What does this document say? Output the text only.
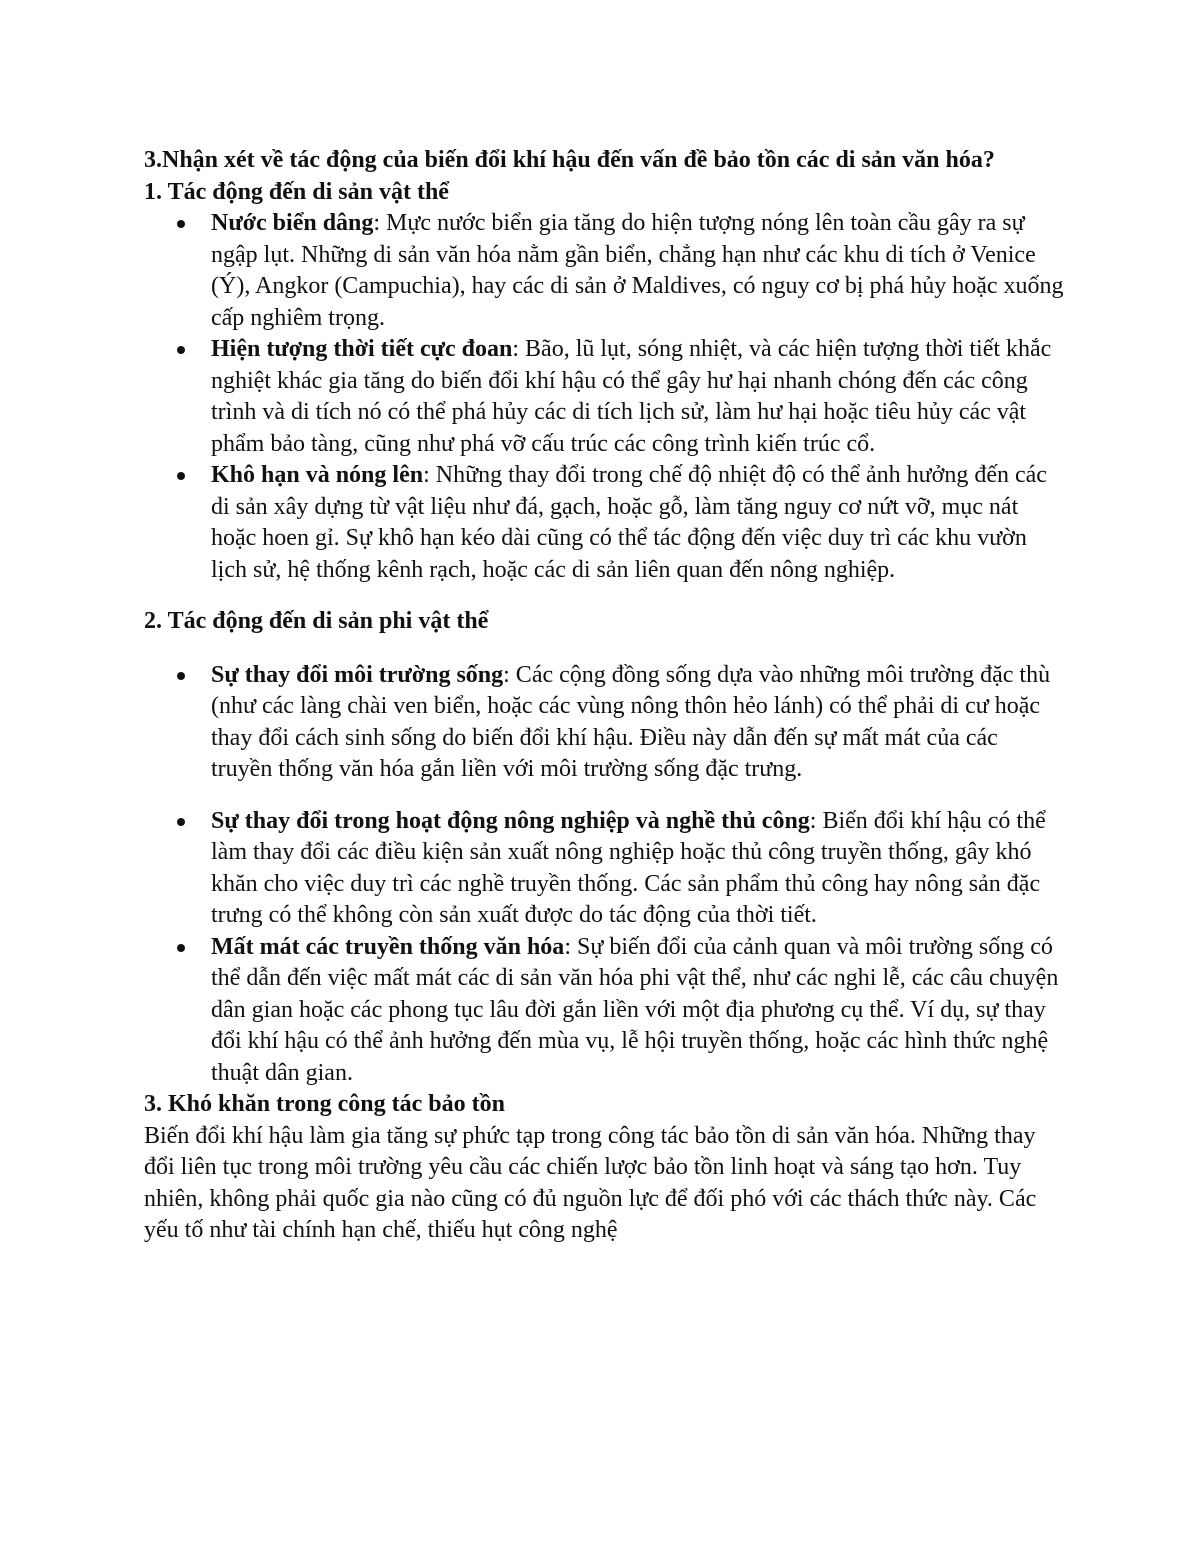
3.Nhận xét về tác động của biến đổi khí hậu đến vấn đề bảo tồn các di sản văn hóa?

1. Tác động đến di sản vật thể

Nước biển dâng: Mực nước biển gia tăng do hiện tượng nóng lên toàn cầu gây ra sự ngập lụt. Những di sản văn hóa nằm gần biển, chẳng hạn như các khu di tích ở Venice (Ý), Angkor (Campuchia), hay các di sản ở Maldives, có nguy cơ bị phá hủy hoặc xuống cấp nghiêm trọng.
Hiện tượng thời tiết cực đoan: Bão, lũ lụt, sóng nhiệt, và các hiện tượng thời tiết khắc nghiệt khác gia tăng do biến đổi khí hậu có thể gây hư hại nhanh chóng đến các công trình và di tích nó có thể phá hủy các di tích lịch sử, làm hư hại hoặc tiêu hủy các vật phẩm bảo tàng, cũng như phá vỡ cấu trúc các công trình kiến trúc cổ.
Khô hạn và nóng lên: Những thay đổi trong chế độ nhiệt độ có thể ảnh hưởng đến các di sản xây dựng từ vật liệu như đá, gạch, hoặc gỗ, làm tăng nguy cơ nứt vỡ, mục nát hoặc hoen gỉ. Sự khô hạn kéo dài cũng có thể tác động đến việc duy trì các khu vườn lịch sử, hệ thống kênh rạch, hoặc các di sản liên quan đến nông nghiệp.

2. Tác động đến di sản phi vật thể

Sự thay đổi môi trường sống: Các cộng đồng sống dựa vào những môi trường đặc thù (như các làng chài ven biển, hoặc các vùng nông thôn hẻo lánh) có thể phải di cư hoặc thay đổi cách sinh sống do biến đổi khí hậu. Điều này dẫn đến sự mất mát của các truyền thống văn hóa gắn liền với môi trường sống đặc trưng.
Sự thay đổi trong hoạt động nông nghiệp và nghề thủ công: Biến đổi khí hậu có thể làm thay đổi các điều kiện sản xuất nông nghiệp hoặc thủ công truyền thống, gây khó khăn cho việc duy trì các nghề truyền thống. Các sản phẩm thủ công hay nông sản đặc trưng có thể không còn sản xuất được do tác động của thời tiết.
Mất mát các truyền thống văn hóa: Sự biến đổi của cảnh quan và môi trường sống có thể dẫn đến việc mất mát các di sản văn hóa phi vật thể, như các nghi lễ, các câu chuyện dân gian hoặc các phong tục lâu đời gắn liền với một địa phương cụ thể. Ví dụ, sự thay đổi khí hậu có thể ảnh hưởng đến mùa vụ, lễ hội truyền thống, hoặc các hình thức nghệ thuật dân gian.

3. Khó khăn trong công tác bảo tồn

Biến đổi khí hậu làm gia tăng sự phức tạp trong công tác bảo tồn di sản văn hóa. Những thay đổi liên tục trong môi trường yêu cầu các chiến lược bảo tồn linh hoạt và sáng tạo hơn. Tuy nhiên, không phải quốc gia nào cũng có đủ nguồn lực để đối phó với các thách thức này. Các yếu tố như tài chính hạn chế, thiếu hụt công nghệ
